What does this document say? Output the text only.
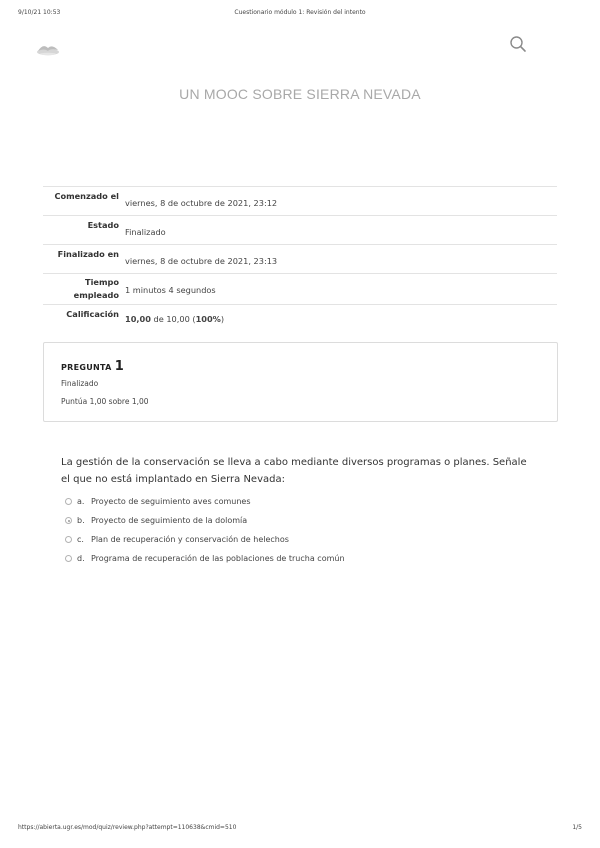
9/10/21 10:53	Cuestionario módulo 1: Revisión del intento
UN MOOC SOBRE SIERRA NEVADA
Comenzado el
viernes, 8 de octubre de 2021, 23:12
Estado
Finalizado
Finalizado en
viernes, 8 de octubre de 2021, 23:13
Tiempo empleado 1 minutos 4 segundos
Calificación 10,00 de 10,00 (100%)
PREGUNTA 1
Finalizado
Puntúa 1,00 sobre 1,00
La gestión de la conservación se lleva a cabo mediante diversos programas o planes. Señale el que no está implantado en Sierra Nevada:
a. Proyecto de seguimiento aves comunes
b. Proyecto de seguimiento de la dolomía
c. Plan de recuperación y conservación de helechos
d. Programa de recuperación de las poblaciones de trucha común
https://abierta.ugr.es/mod/quiz/review.php?attempt=110638&cmid=510	1/5
